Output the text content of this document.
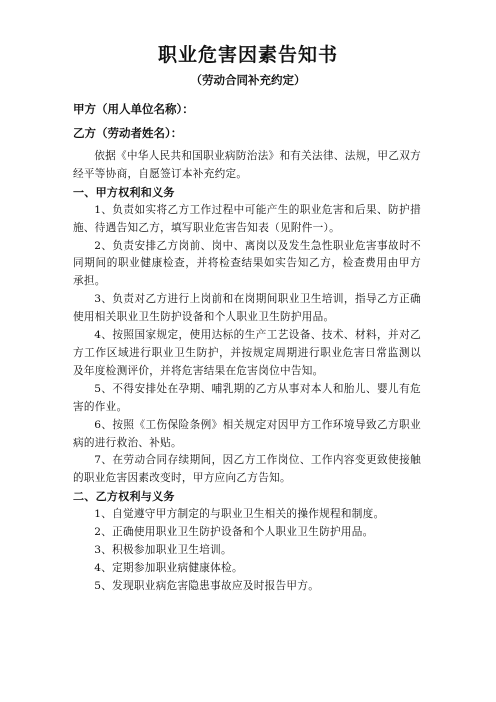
职业危害因素告知书
（劳动合同补充约定）
甲方（用人单位名称）：
乙方（劳动者姓名）：

依据《中华人民共和国职业病防治法》和有关法律、法规，甲乙双方经平等协商，自愿签订本补充约定。

一、甲方权利和义务

1、负责如实将乙方工作过程中可能产生的职业危害和后果、防护措施、待遇告知乙方，填写职业危害告知表（见附件一）。

2、负责安排乙方岗前、岗中、离岗以及发生急性职业危害事故时不同期间的职业健康检查，并将检查结果如实告知乙方，检查费用由甲方承担。

3、负责对乙方进行上岗前和在岗期间职业卫生培训，指导乙方正确使用相关职业卫生防护设备和个人职业卫生防护用品。

4、按照国家规定，使用达标的生产工艺设备、技术、材料，并对乙方工作区域进行职业卫生防护，并按规定周期进行职业危害日常监测以及年度检测评价，并将危害结果在危害岗位中告知。

5、不得安排处在孕期、哺乳期的乙方从事对本人和胎儿、婴儿有危害的作业。

6、按照《工伤保险条例》相关规定对因甲方工作环境导致乙方职业病的进行救治、补贴。

7、在劳动合同存续期间，因乙方工作岗位、工作内容变更致使接触的职业危害因素改变时，甲方应向乙方告知。

二、乙方权利与义务

1、自觉遵守甲方制定的与职业卫生相关的操作规程和制度。

2、正确使用职业卫生防护设备和个人职业卫生防护用品。

3、积极参加职业卫生培训。

4、定期参加职业病健康体检。

5、发现职业病危害隐患事故应及时报告甲方。
